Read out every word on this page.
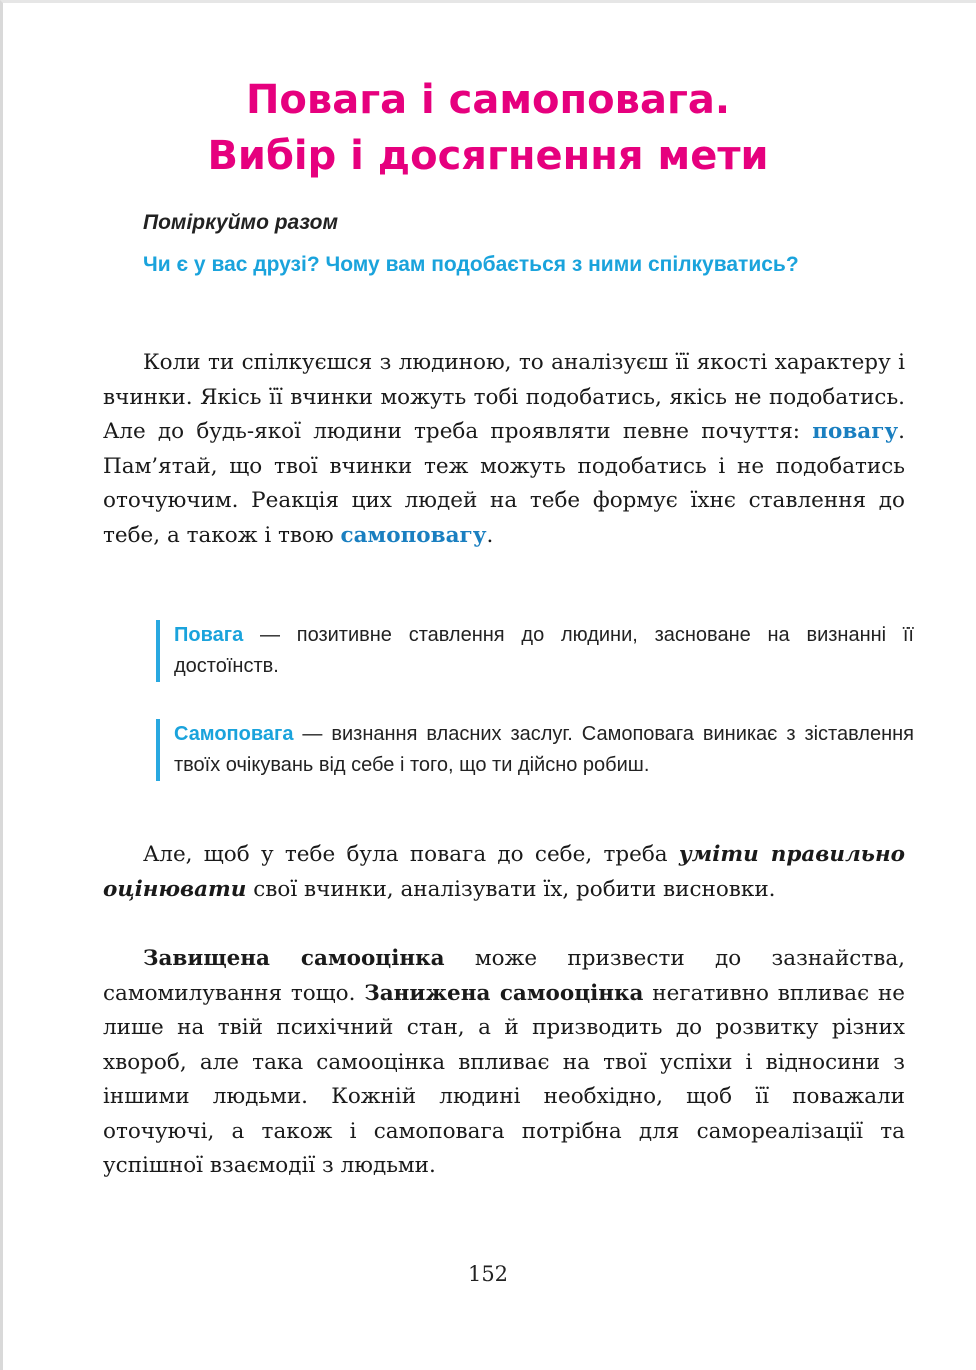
Повага і самоповага.
Вибір і досягнення мети
Поміркуймо разом
Чи є у вас друзі? Чому вам подобається з ними спілкуватись?
Коли ти спілкуєшся з людиною, то аналізуєш її якості характеру і вчинки. Якісь її вчинки можуть тобі подобатись, якісь не подобатись. Але до будь-якої людини треба проявляти певне почуття: повагу. Пам’ятай, що твої вчинки теж можуть подобатись і не подобатись оточуючим. Реакція цих людей на тебе формує їхнє ставлення до тебе, а також і твою самоповагу.
Повага — позитивне ставлення до людини, засноване на визнанні її достоїнств.
Самоповага — визнання власних заслуг. Самоповага виникає з зіставлення твоїх очікувань від себе і того, що ти дійсно робиш.
Але, щоб у тебе була повага до себе, треба уміти правильно оцінювати свої вчинки, аналізувати їх, робити висновки.
Завищена самооцінка може призвести до зазнайства, самомилування тощо. Занижена самооцінка негативно впливає не лише на твій психічний стан, а й призводить до розвитку різних хвороб, але така самооцінка впливає на твої успіхи і відносини з іншими людьми. Кожній людині необхідно, щоб її поважали оточуючі, а також і самоповага потрібна для самореалізації та успішної взаємодії з людьми.
152
